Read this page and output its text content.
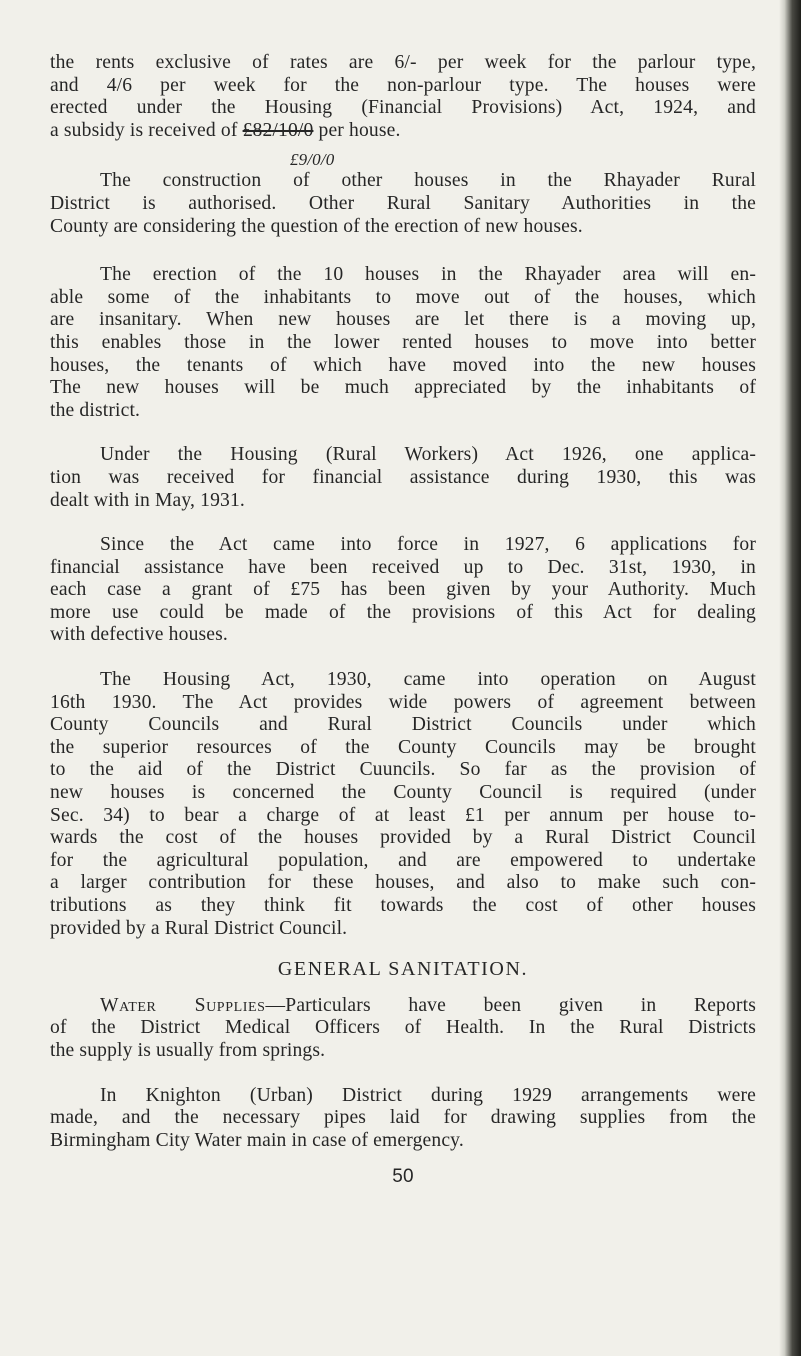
the rents exclusive of rates are 6/- per week for the parlour type,
and 4/6 per week for the non-parlour type. The houses were
erected under the Housing (Financial Provisions) Act, 1924, and
a subsidy is received of £82/10/0 per house.
£9/0/0
The construction of other houses in the Rhayader Rural
District is authorised. Other Rural Sanitary Authorities in the
County are considering the question of the erection of new houses.
The erection of the 10 houses in the Rhayader area will en-
able some of the inhabitants to move out of the houses, which
are insanitary. When new houses are let there is a moving up,
this enables those in the lower rented houses to move into better
houses, the tenants of which have moved into the new houses
The new houses will be much appreciated by the inhabitants of
the district.
Under the Housing (Rural Workers) Act 1926, one applica-
tion was received for financial assistance during 1930, this was
dealt with in May, 1931.
Since the Act came into force in 1927, 6 applications for
financial assistance have been received up to Dec. 31st, 1930, in
each case a grant of £75 has been given by your Authority. Much
more use could be made of the provisions of this Act for dealing
with defective houses.
The Housing Act, 1930, came into operation on August
16th 1930. The Act provides wide powers of agreement between
County Councils and Rural District Councils under which
the superior resources of the County Councils may be brought
to the aid of the District Cuuncils. So far as the provision of
new houses is concerned the County Council is required (under
Sec. 34) to bear a charge of at least £1 per annum per house to-
wards the cost of the houses provided by a Rural District Council
for the agricultural population, and are empowered to undertake
a larger contribution for these houses, and also to make such con-
tributions as they think fit towards the cost of other houses
provided by a Rural District Council.
GENERAL SANITATION.
Water Supplies—Particulars have been given in Reports
of the District Medical Officers of Health. In the Rural Districts
the supply is usually from springs.
In Knighton (Urban) District during 1929 arrangements were
made, and the necessary pipes laid for drawing supplies from the
Birmingham City Water main in case of emergency.
50
